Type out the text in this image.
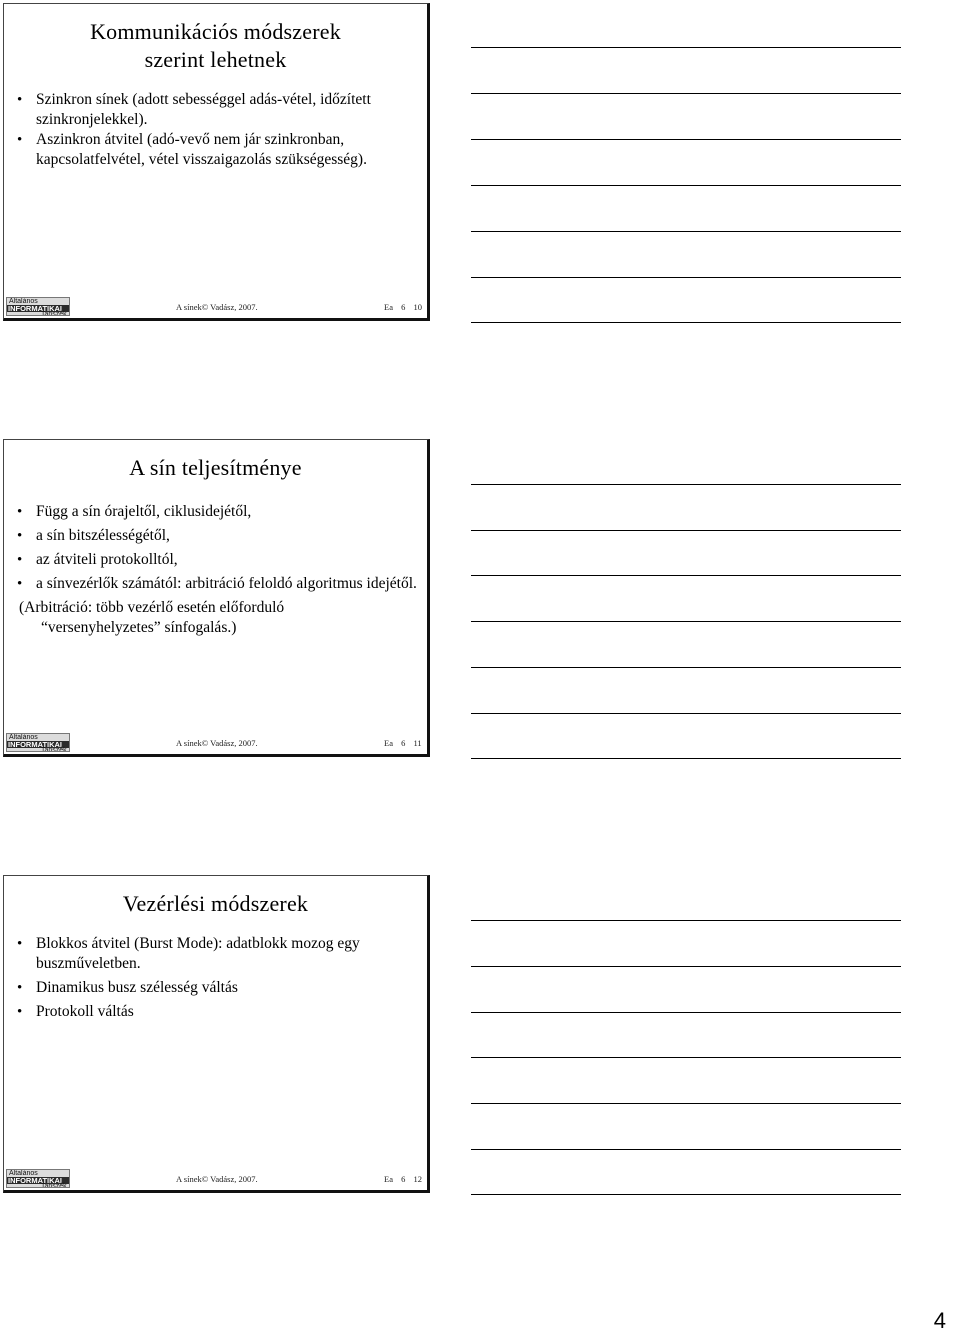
Kommunikációs módszerek
szerint lehetnek
• Szinkron sínek (adott sebességgel adás-vétel, időzített szinkronjelekkel).
• Aszinkron átvitel (adó-vevő nem jár szinkronban, kapcsolatfelvétel, vétel visszaigazolás szükségesség).
Általános
INFORMATIKAI
Tanszék
A sínek© Vadász, 2007.	Ea 6 10
A sín teljesítménye
• Függ a sín órajeltől, ciklusidejétől,
• a sín bitszélességétől,
• az átviteli protokolltól,
• a sínvezérlők számától: arbitráció feloldó algoritmus idejétől.
(Arbitráció: több vezérlő esetén előforduló
“versenyhelyzetes” sínfogalás.)
Általános
INFORMATIKAI
Tanszék
A sínek© Vadász, 2007.	Ea 6 11
Vezérlési módszerek
• Blokkos átvitel (Burst Mode): adatblokk mozog egy buszműveletben.
• Dinamikus busz szélesség váltás
• Protokoll váltás
Általános
INFORMATIKAI
Tanszék
A sínek© Vadász, 2007.	Ea 6 12
4
